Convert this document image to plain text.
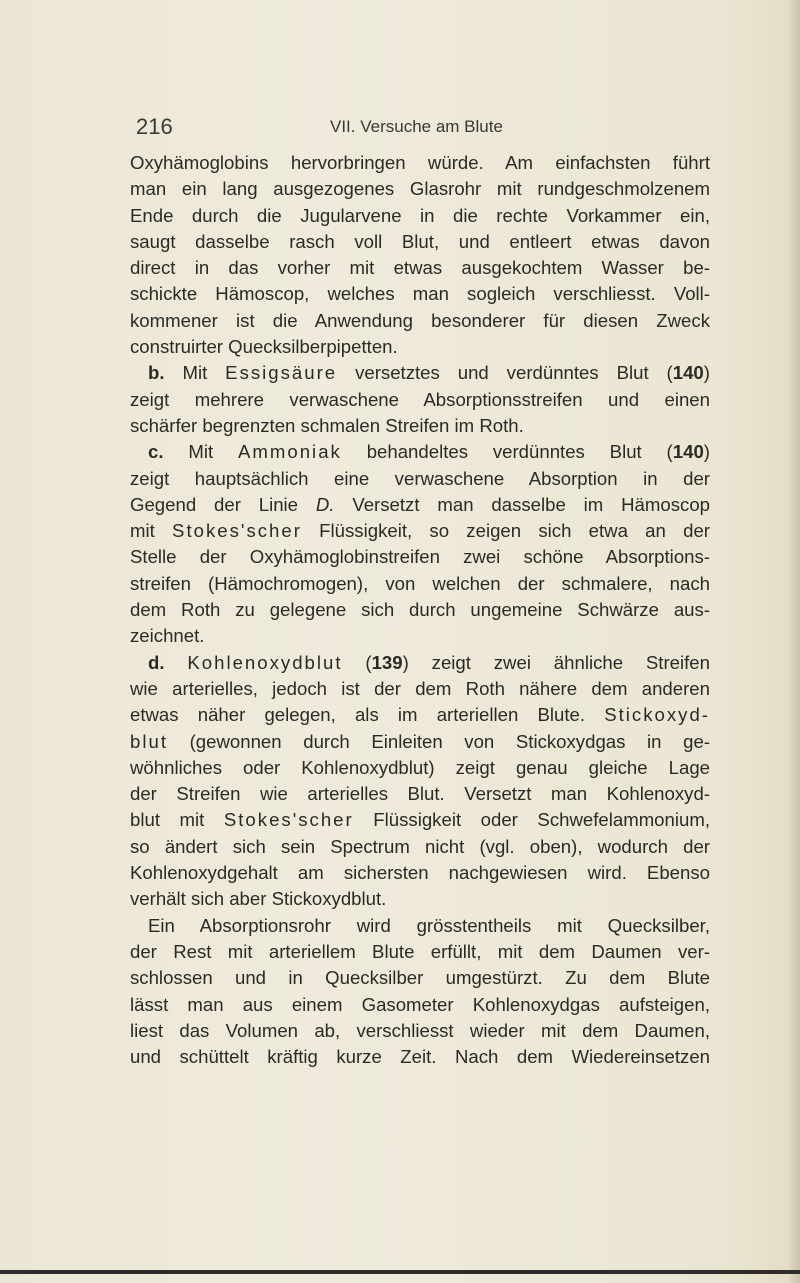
216	VII. Versuche am Blute
Oxyhämoglobins hervorbringen würde. Am einfachsten führt
man ein lang ausgezogenes Glasrohr mit rundgeschmolzenem
Ende durch die Jugularvene in die rechte Vorkammer ein,
saugt dasselbe rasch voll Blut, und entleert etwas davon
direct in das vorher mit etwas ausgekochtem Wasser be-
schickte Hämoscop, welches man sogleich verschliesst. Voll-
kommener ist die Anwendung besonderer für diesen Zweck
construirter Quecksilberpipetten.
b. Mit Essigsäure versetztes und verdünntes Blut (140)
zeigt mehrere verwaschene Absorptionsstreifen und einen
schärfer begrenzten schmalen Streifen im Roth.
c. Mit Ammoniak behandeltes verdünntes Blut (140)
zeigt hauptsächlich eine verwaschene Absorption in der
Gegend der Linie D. Versetzt man dasselbe im Hämoscop
mit Stokes'scher Flüssigkeit, so zeigen sich etwa an der
Stelle der Oxyhämoglobinstreifen zwei schöne Absorptions-
streifen (Hämochromogen), von welchen der schmalere, nach
dem Roth zu gelegene sich durch ungemeine Schwärze aus-
zeichnet.
d. Kohlenoxydblut (139) zeigt zwei ähnliche Streifen
wie arterielles, jedoch ist der dem Roth nähere dem anderen
etwas näher gelegen, als im arteriellen Blute. Stickoxyd-
blut (gewonnen durch Einleiten von Stickoxydgas in ge-
wöhnliches oder Kohlenoxydblut) zeigt genau gleiche Lage
der Streifen wie arterielles Blut. Versetzt man Kohlenoxyd-
blut mit Stokes'scher Flüssigkeit oder Schwefelammonium,
so ändert sich sein Spectrum nicht (vgl. oben), wodurch der
Kohlenoxydgehalt am sichersten nachgewiesen wird. Ebenso
verhält sich aber Stickoxydblut.
Ein Absorptionsrohr wird grösstentheils mit Quecksilber,
der Rest mit arteriellem Blute erfüllt, mit dem Daumen ver-
schlossen und in Quecksilber umgestürzt. Zu dem Blute
lässt man aus einem Gasometer Kohlenoxydgas aufsteigen,
liest das Volumen ab, verschliesst wieder mit dem Daumen,
und schüttelt kräftig kurze Zeit. Nach dem Wiedereinsetzen
